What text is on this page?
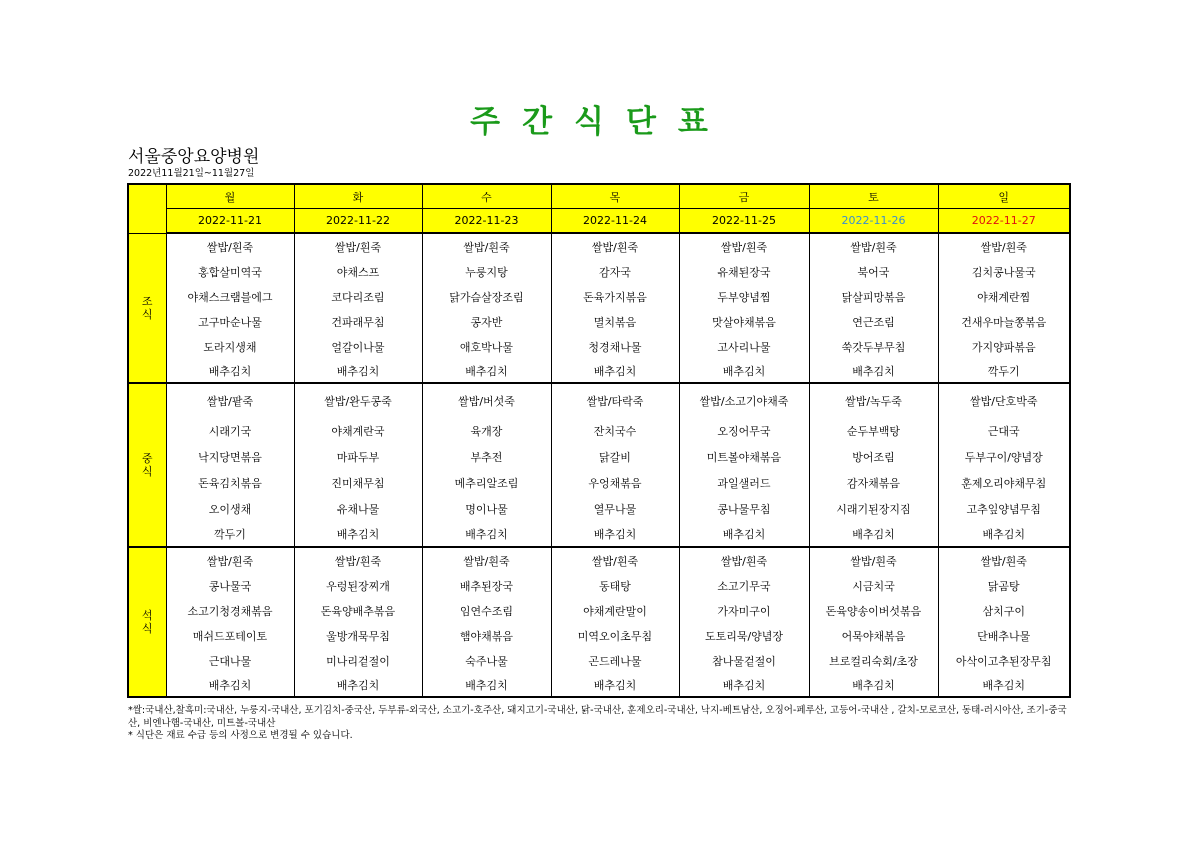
주간식단표
서울중앙요양병원
2022년11월21일~11월27일
	월	화	수	목	금	토	일
	2022-11-21	2022-11-22	2022-11-23	2022-11-24	2022-11-25	2022-11-26	2022-11-27

조
식	쌀밥/흰죽	쌀밥/흰죽	쌀밥/흰죽	쌀밥/흰죽	쌀밥/흰죽	쌀밥/흰죽	쌀밥/흰죽
	홍합살미역국	야채스프	누룽지탕	감자국	유채된장국	북어국	김치콩나물국
	야채스크램블에그	코다리조림	닭가슴살장조림	돈육가지볶음	두부양념찜	닭살피망볶음	야채계란찜
	고구마순나물	건파래무침	콩자반	멸치볶음	맛살야채볶음	연근조림	건새우마늘쫑볶음
	도라지생채	얼갈이나물	애호박나물	청경채나물	고사리나물	쑥갓두부무침	가지양파볶음
	배추김치	배추김치	배추김치	배추김치	배추김치	배추김치	깍두기

중
식	쌀밥/팥죽	쌀밥/완두콩죽	쌀밥/버섯죽	쌀밥/타락죽	쌀밥/소고기야채죽	쌀밥/녹두죽	쌀밥/단호박죽
	시래기국	야채계란국	육개장	잔치국수	오징어무국	순두부백탕	근대국
	낙지당면볶음	마파두부	부추전	닭갈비	미트볼야채볶음	방어조림	두부구이/양념장
	돈육김치볶음	진미채무침	메추리알조림	우엉채볶음	과일샐러드	감자채볶음	훈제오리야채무침
	오이생채	유채나물	명이나물	열무나물	콩나물무침	시래기된장지짐	고추잎양념무침
	깍두기	배추김치	배추김치	배추김치	배추김치	배추김치	배추김치

석
식	쌀밥/흰죽	쌀밥/흰죽	쌀밥/흰죽	쌀밥/흰죽	쌀밥/흰죽	쌀밥/흰죽	쌀밥/흰죽
	콩나물국	우렁된장찌개	배추된장국	동태탕	소고기무국	시금치국	닭곰탕
	소고기청경채볶음	돈육양배추볶음	임연수조림	야채계란말이	가자미구이	돈육양송이버섯볶음	삼치구이
	매쉬드포테이토	울방개묵무침	햄야채볶음	미역오이초무침	도토리묵/양념장	어묵야채볶음	단배추나물
	근대나물	미나리겉절이	숙주나물	곤드레나물	참나물겉절이	브로컬리숙회/초장	아삭이고추된장무침
	배추김치	배추김치	배추김치	배추김치	배추김치	배추김치	배추김치
*쌀:국내산,찰흑미:국내산, 누룽지-국내산, 포기김치-중국산, 두부류-외국산, 소고기-호주산, 돼지고기-국내산, 닭-국내산, 훈제오리-국내산, 낙지-베트남산, 오징어-페루산, 고등어-국내산 , 갈치-모로코산, 동태-러시아산, 조기-중국산, 비엔나햄-국내산, 미트볼-국내산
* 식단은 재료 수급 등의 사정으로 변경될 수 있습니다.
